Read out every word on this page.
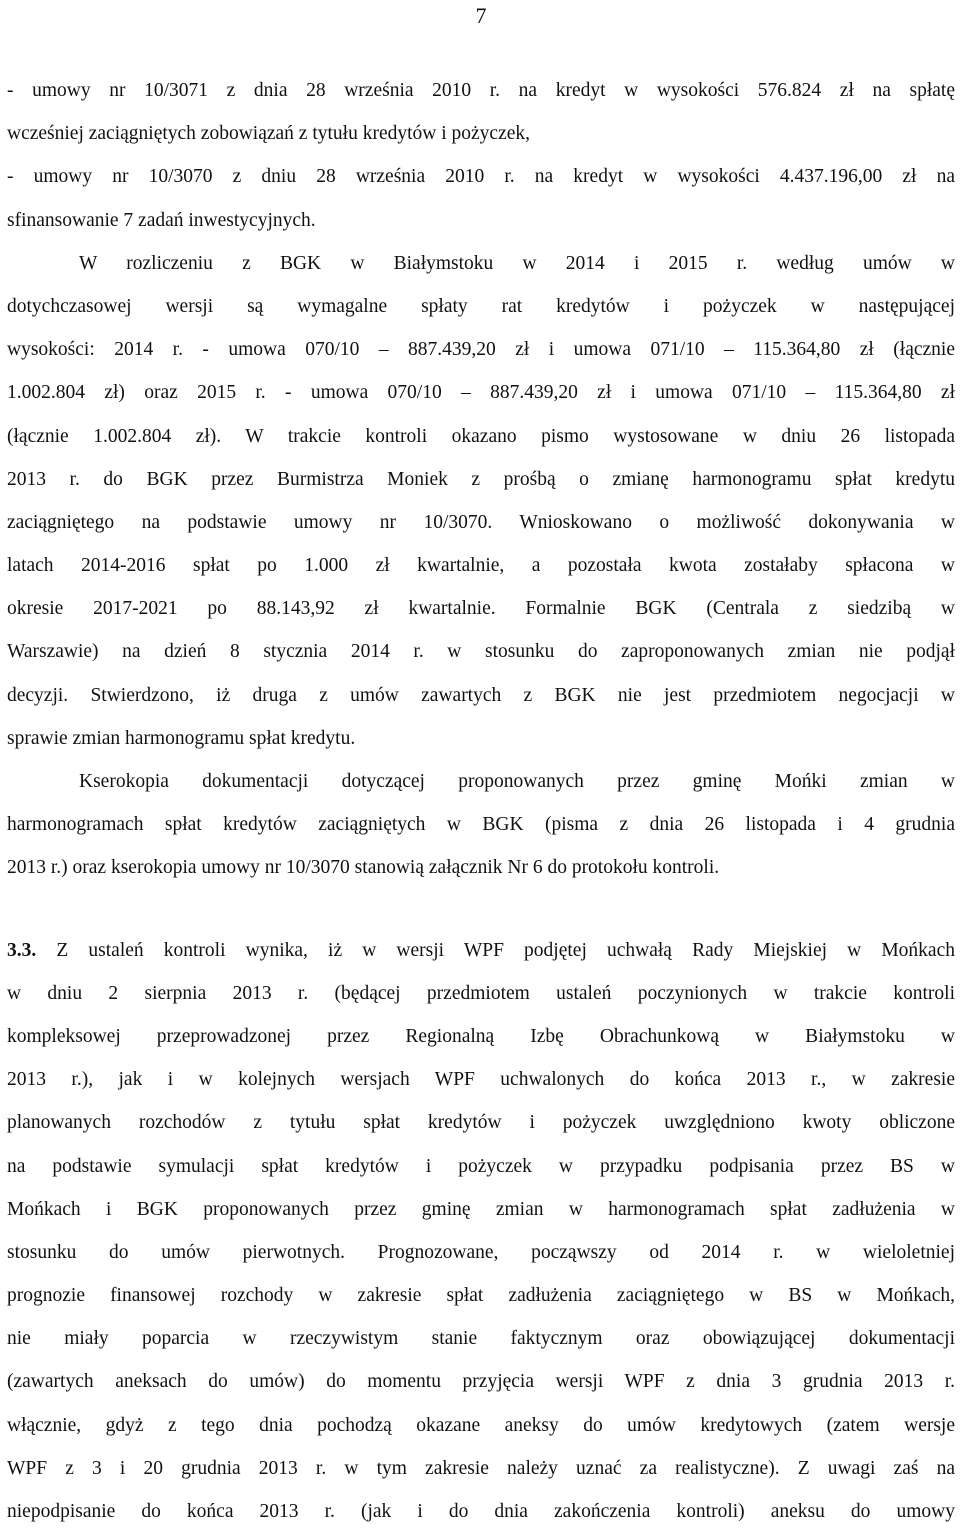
7
- umowy nr 10/3071 z dnia 28 września 2010 r. na kredyt w wysokości 576.824 zł na spłatę
wcześniej zaciągniętych zobowiązań z tytułu kredytów i pożyczek,
- umowy nr 10/3070 z dniu 28 września 2010 r. na kredyt w wysokości 4.437.196,00 zł na
sfinansowanie 7 zadań inwestycyjnych.
W rozliczeniu z BGK w Białymstoku w 2014 i 2015 r. według umów w
dotychczasowej wersji są wymagalne spłaty rat kredytów i pożyczek w następującej
wysokości: 2014 r. - umowa 070/10 – 887.439,20 zł i umowa 071/10 – 115.364,80 zł (łącznie
1.002.804 zł) oraz 2015 r. - umowa 070/10 – 887.439,20 zł i umowa 071/10 – 115.364,80 zł
(łącznie 1.002.804 zł). W trakcie kontroli okazano pismo wystosowane w dniu 26 listopada
2013 r. do BGK przez Burmistrza Moniek z prośbą o zmianę harmonogramu spłat kredytu
zaciągniętego na podstawie umowy nr 10/3070. Wnioskowano o możliwość dokonywania w
latach 2014-2016 spłat po 1.000 zł kwartalnie, a pozostała kwota zostałaby spłacona w
okresie 2017-2021 po 88.143,92 zł kwartalnie. Formalnie BGK (Centrala z siedzibą w
Warszawie) na dzień 8 stycznia 2014 r. w stosunku do zaproponowanych zmian nie podjął
decyzji. Stwierdzono, iż druga z umów zawartych z BGK nie jest przedmiotem negocjacji w
sprawie zmian harmonogramu spłat kredytu.
Kserokopia dokumentacji dotyczącej proponowanych przez gminę Mońki zmian w
harmonogramach spłat kredytów zaciągniętych w BGK (pisma z dnia 26 listopada i 4 grudnia
2013 r.) oraz kserokopia umowy nr 10/3070 stanowią załącznik Nr 6 do protokołu kontroli.
3.3. Z ustaleń kontroli wynika, iż w wersji WPF podjętej uchwałą Rady Miejskiej w Mońkach
w dniu 2 sierpnia 2013 r. (będącej przedmiotem ustaleń poczynionych w trakcie kontroli
kompleksowej przeprowadzonej przez Regionalną Izbę Obrachunkową w Białymstoku w
2013 r.), jak i w kolejnych wersjach WPF uchwalonych do końca 2013 r., w zakresie
planowanych rozchodów z tytułu spłat kredytów i pożyczek uwzględniono kwoty obliczone
na podstawie symulacji spłat kredytów i pożyczek w przypadku podpisania przez BS w
Mońkach i BGK proponowanych przez gminę zmian w harmonogramach spłat zadłużenia w
stosunku do umów pierwotnych. Prognozowane, począwszy od 2014 r. w wieloletniej
prognozie finansowej rozchody w zakresie spłat zadłużenia zaciągniętego w BS w Mońkach,
nie miały poparcia w rzeczywistym stanie faktycznym oraz obowiązującej dokumentacji
(zawartych aneksach do umów) do momentu przyjęcia wersji WPF z dnia 3 grudnia 2013 r.
włącznie, gdyż z tego dnia pochodzą okazane aneksy do umów kredytowych (zatem wersje
WPF z 3 i 20 grudnia 2013 r. w tym zakresie należy uznać za realistyczne). Z uwagi zaś na
niepodpisanie do końca 2013 r. (jak i do dnia zakończenia kontroli) aneksu do umowy
